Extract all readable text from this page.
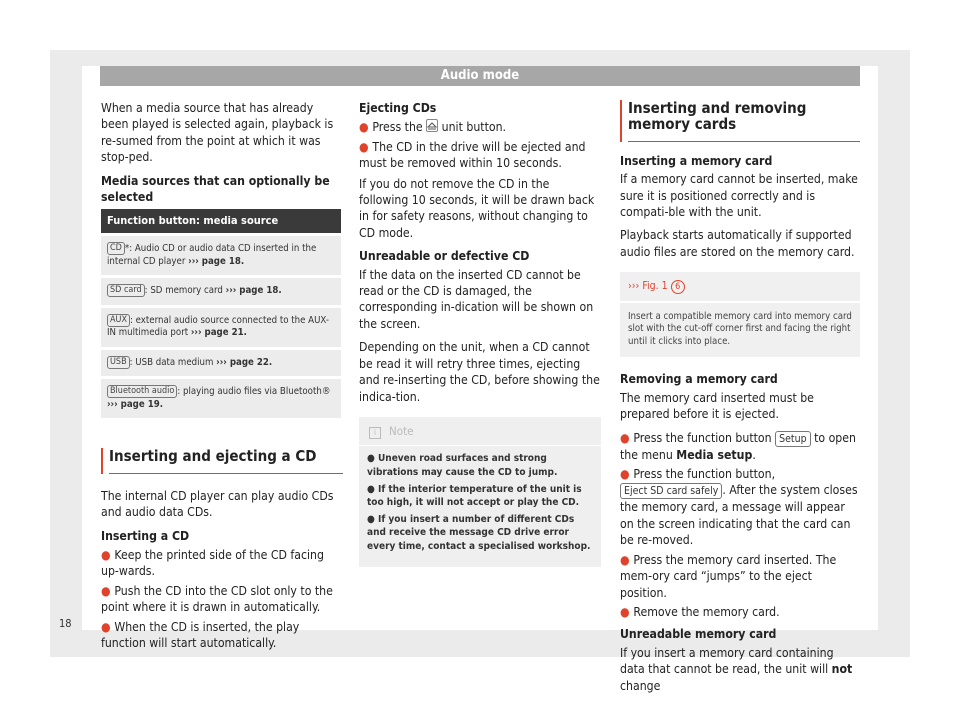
Audio mode

When a media source that has already been played is selected again, playback is re-sumed from the point at which it was stop-ped.

Media sources that can optionally be selected

Function button: media source
CD *: Audio CD or audio data CD inserted in the internal CD player ››› page 18.
SD card : SD memory card ››› page 18.
AUX : external audio source connected to the AUX-IN multimedia port ››› page 21.
USB : USB data medium ››› page 22.
Bluetooth audio : playing audio files via Bluetooth®
››› page 19.
Inserting and ejecting a CD

The internal CD player can play audio CDs and audio data CDs.

Inserting a CD

● Keep the printed side of the CD facing up-wards.
● Push the CD into the CD slot only to the point where it is drawn in automatically.
● When the CD is inserted, the play function will start automatically.

Ejecting CDs

● Press the unit button.
● The CD in the drive will be ejected and must be removed within 10 seconds.

If you do not remove the CD in the following 10 seconds, it will be drawn back in for safety reasons, without changing to CD mode.

Unreadable or defective CD

If the data on the inserted CD cannot be read or the CD is damaged, the corresponding in-dication will be shown on the screen.

Depending on the unit, when a CD cannot be read it will retry three times, ejecting and re-inserting the CD, before showing the indica-tion.

i Note
● Uneven road surfaces and strong vibrations may cause the CD to jump.
● If the interior temperature of the unit is too high, it will not accept or play the CD.
● If you insert a number of different CDs and receive the message CD drive error every time, contact a specialised workshop.
Inserting and removing memory cards

Inserting a memory card

If a memory card cannot be inserted, make sure it is positioned correctly and is compati-ble with the unit.

Playback starts automatically if supported audio files are stored on the memory card.

››› Fig. 1 6
Insert a compatible memory card into memory card slot with the cut-off corner first and facing the right until it clicks into place.

Removing a memory card

The memory card inserted must be prepared before it is ejected.

● Press the function button Setup to open the menu Media setup.
● Press the function button,
Eject SD card safely . After the system closes the memory card, a message will appear on the screen indicating that the card can be re-moved.
● Press the memory card inserted. The mem-ory card “jumps” to the eject position.
● Remove the memory card.

Unreadable memory card

If you insert a memory card containing data that cannot be read, the unit will not change

18
